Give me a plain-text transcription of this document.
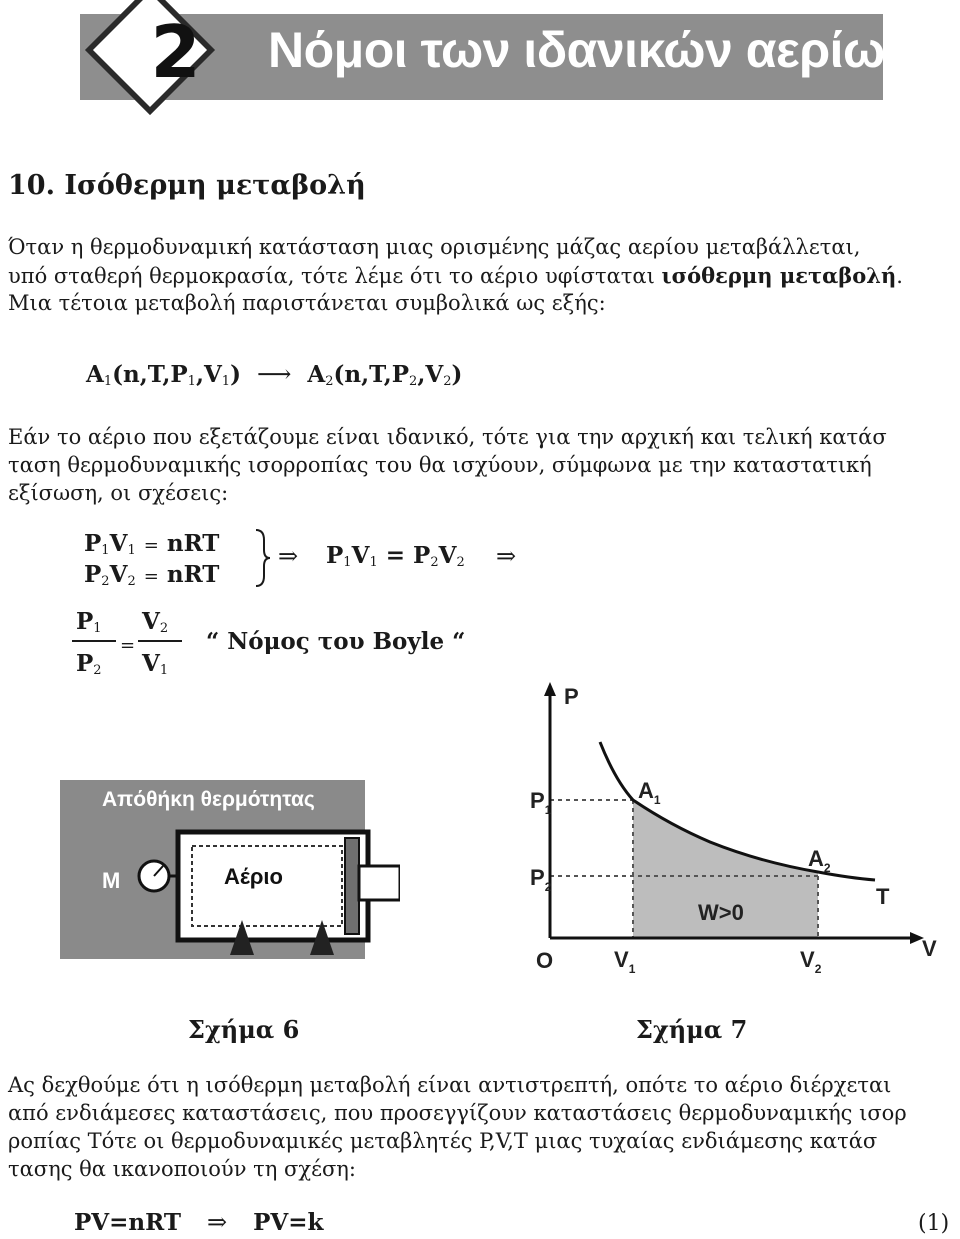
2	Νόμοι των ιδανικών αερίων
10. Ισόθερμη μεταβολή
Όταν η θερμοδυναμική κατάσταση μιας ορισμένης μάζας αερίου μεταβάλλεται,
υπό σταθερή θερμοκρασία, τότε λέμε ότι το αέριο υφίσταται ισόθερμη μεταβολή.
Μια τέτοια μεταβολή παριστάνεται συμβολικά ως εξής:
$A_1(n,T,P_1,V_1)$ ⟶ $A_2(n,T,P_2,V_2)$
Εάν το αέριο που εξετάζουμε είναι ιδανικό, τότε για την αρχική και τελική κατάσ
ταση θερμοδυναμικής ισορροπίας του θα ισχύουν, σύμφωνα με την καταστατική
εξίσωση, οι σχέσεις:
$P_1V_1$ = nRT
$P_2V_2$ = nRT
⇒ $P_1V_1 = P_2V_2$ ⇒
$P_1$
$P_2$
=
$V_2$
$V_1$
“ Νόμος του Boyle “
Απόθήκη θερμότητας
M	Αέριο
P
V
O
$P_1$
$P_2$
$V_1$	$V_2$
$A_1$
$A_2$
T
W>0
Σχήμα 6	Σχήμα 7
Ας δεχθούμε ότι η ισόθερμη μεταβολή είναι αντιστρεπτή, οπότε το αέριο διέρχεται
από ενδιάμεσες καταστάσεις, που προσεγγίζουν καταστάσεις θερμοδυναμικής ισορ
ροπίας Τότε οι θερμοδυναμικές μεταβλητές P,V,T μιας τυχαίας ενδιάμεσης κατάσ
τασης θα ικανοποιούν τη σχέση:
PV=nRT ⇒ PV=k	(1)
